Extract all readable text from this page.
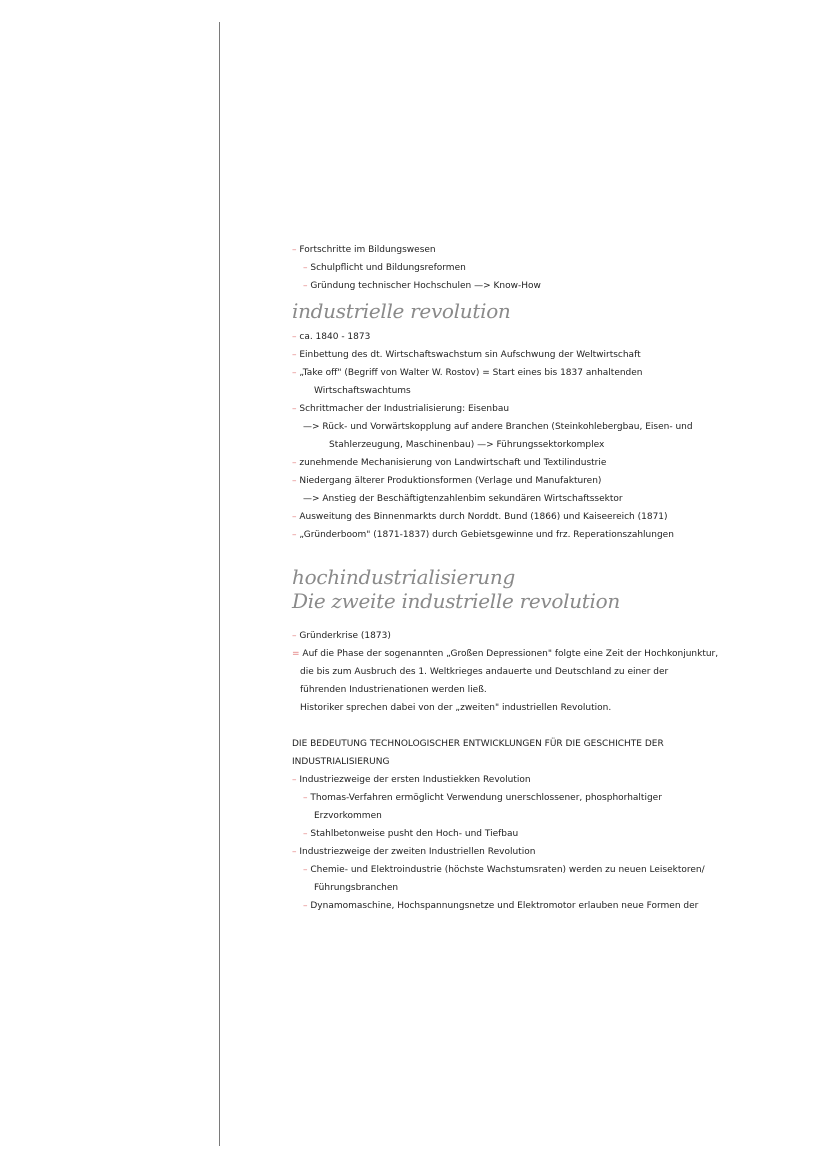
– Fortschritte im Bildungswesen
– Schulpflicht und Bildungsreformen
– Gründung technischer Hochschulen —> Know-How
industrielle revolution
– ca. 1840 - 1873
– Einbettung des dt. Wirtschaftswachstum sin Aufschwung der Weltwirtschaft
– „Take off" (Begriff von Walter W. Rostov) = Start eines bis 1837 anhaltenden
Wirtschaftswachtums
– Schrittmacher der Industrialisierung: Eisenbau
—> Rück- und Vorwärtskopplung auf andere Branchen (Steinkohlebergbau, Eisen- und
Stahlerzeugung, Maschinenbau) —> Führungssektorkomplex
– zunehmende Mechanisierung von Landwirtschaft und Textilindustrie
– Niedergang älterer Produktionsformen (Verlage und Manufakturen)
—> Anstieg der Beschäftigtenzahlenbim sekundären Wirtschaftssektor
– Ausweitung des Binnenmarkts durch Norddt. Bund (1866) und Kaiseereich (1871)
– „Gründerboom" (1871-1837) durch Gebietsgewinne und frz. Reperationszahlungen
hochindustrialisierung
Die zweite industrielle revolution
– Gründerkrise (1873)
= Auf die Phase der sogenannten „Großen Depressionen" folgte eine Zeit der Hochkonjunktur,
die bis zum Ausbruch des 1. Weltkrieges andauerte und Deutschland zu einer der
führenden Industrienationen werden ließ.
Historiker sprechen dabei von der „zweiten" industriellen Revolution.
DIE BEDEUTUNG TECHNOLOGISCHER ENTWICKLUNGEN FÜR DIE GESCHICHTE DER
INDUSTRIALISIERUNG
– Industriezweige der ersten Industiekken Revolution
– Thomas-Verfahren ermöglicht Verwendung unerschlossener, phosphorhaltiger
Erzvorkommen
– Stahlbetonweise pusht den Hoch- und Tiefbau
– Industriezweige der zweiten Industriellen Revolution
– Chemie- und Elektroindustrie (höchste Wachstumsraten) werden zu neuen Leisektoren/
Führungsbranchen
– Dynamomaschine, Hochspannungsnetze und Elektromotor erlauben neue Formen der
